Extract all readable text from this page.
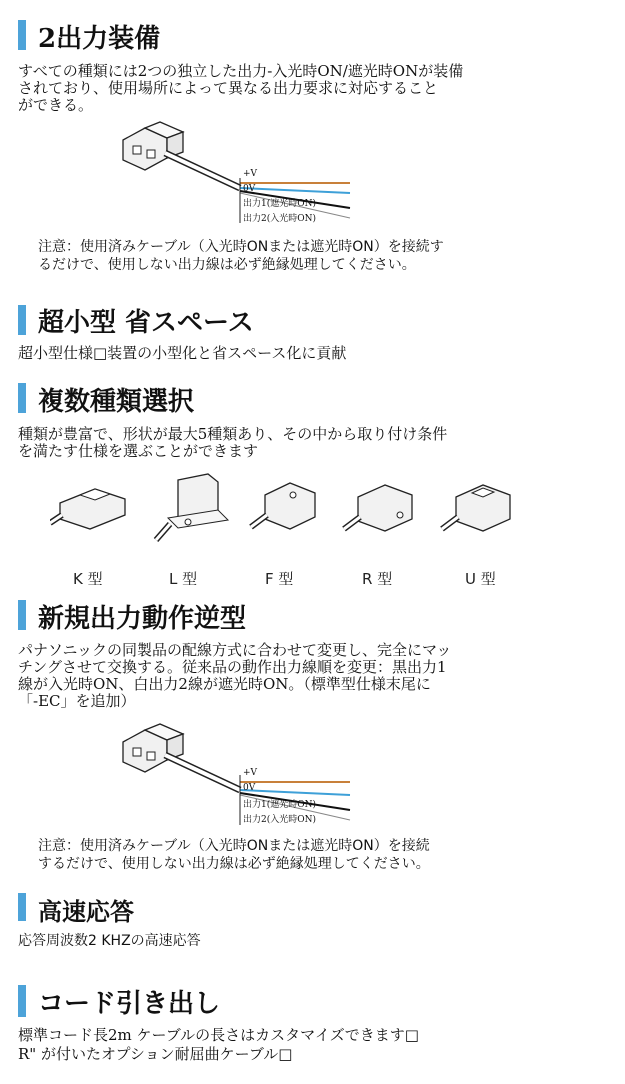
2出力装備
すべての種類には2つの独立した出力-入光時ON/遮光時ONが装備
されており、使用場所によって異なる出力要求に対応すること
ができる。
+V
0V
出力1(遮光時ON)
出力2(入光時ON)
注意：使用済みケーブル（入光時ONまたは遮光時ON）を接続す
るだけで、使用しない出力線は必ず絶縁処理してください。
超小型 省スペース
超小型仕様□装置の小型化と省スペース化に貢献
複数種類選択
種類が豊富で、形状が最大5種類あり、その中から取り付け条件
を満たす仕様を選ぶことができます
K 型	L 型	F 型	R 型	U 型
新規出力動作逆型
パナソニックの同製品の配線方式に合わせて変更し、完全にマッ
チングさせて交換する。従来品の動作出力線順を変更：黒出力1
線が入光時ON、白出力2線が遮光時ON。（標準型仕様末尾に
「-EC」を追加）
+V
0V
出力1(遮光時ON)
出力2(入光時ON)
注意：使用済みケーブル（入光時ONまたは遮光時ON）を接続
するだけで、使用しない出力線は必ず絶縁処理してください。
高速応答
応答周波数2 KHZの高速応答
コード引き出し
標準コード長2m ケーブルの長さはカスタマイズできます□
R" が付いたオプション耐屈曲ケーブル□
